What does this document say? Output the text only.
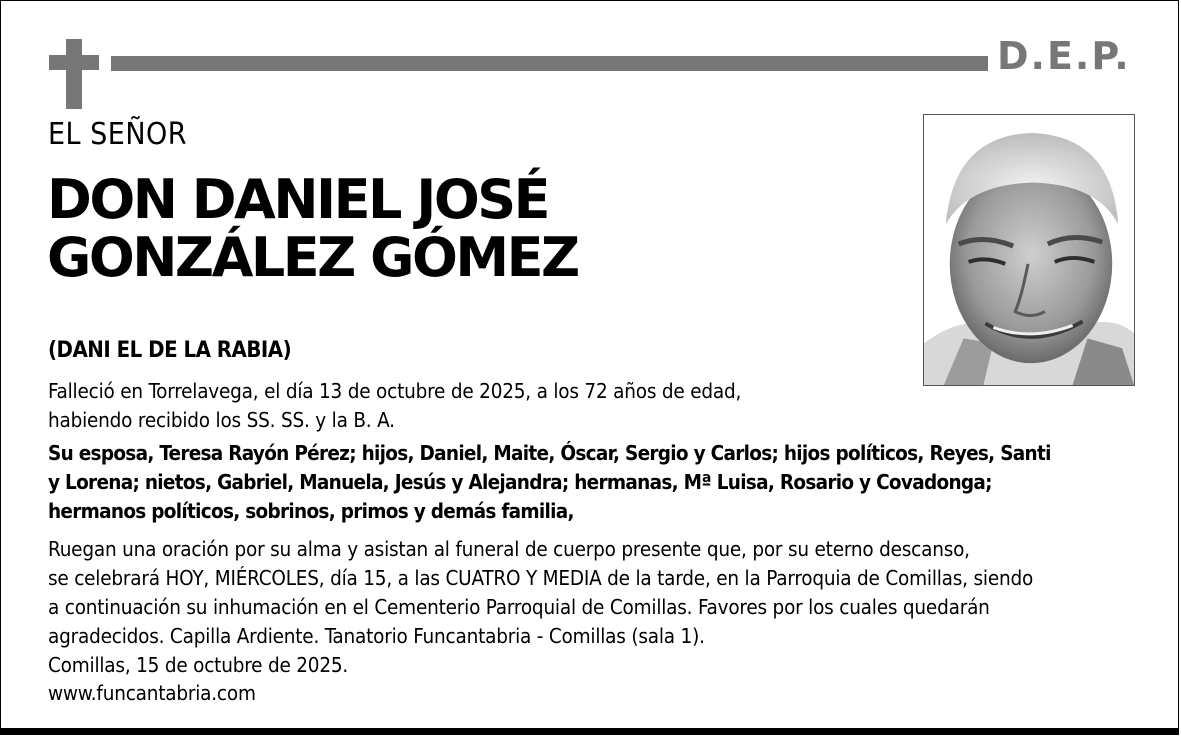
D.E.P.
EL SEÑOR
DON DANIEL JOSÉ
GONZÁLEZ GÓMEZ
(DANI EL DE LA RABIA)

Falleció en Torrelavega, el día 13 de octubre de 2025, a los 72 años de edad,

habiendo recibido los SS. SS. y la B. A.

Su esposa, Teresa Rayón Pérez; hijos, Daniel, Maite, Óscar, Sergio y Carlos; hijos políticos, Reyes, Santi

y Lorena; nietos, Gabriel, Manuela, Jesús y Alejandra; hermanas, Mª Luisa, Rosario y Covadonga;

hermanos políticos, sobrinos, primos y demás familia,

Ruegan una oración por su alma y asistan al funeral de cuerpo presente que, por su eterno descanso,

se celebrará HOY, MIÉRCOLES, día 15, a las CUATRO Y MEDIA de la tarde, en la Parroquia de Comillas, siendo

a continuación su inhumación en el Cementerio Parroquial de Comillas. Favores por los cuales quedarán

agradecidos. Capilla Ardiente. Tanatorio Funcantabria - Comillas (sala 1).

Comillas, 15 de octubre de 2025.

www.funcantabria.com
